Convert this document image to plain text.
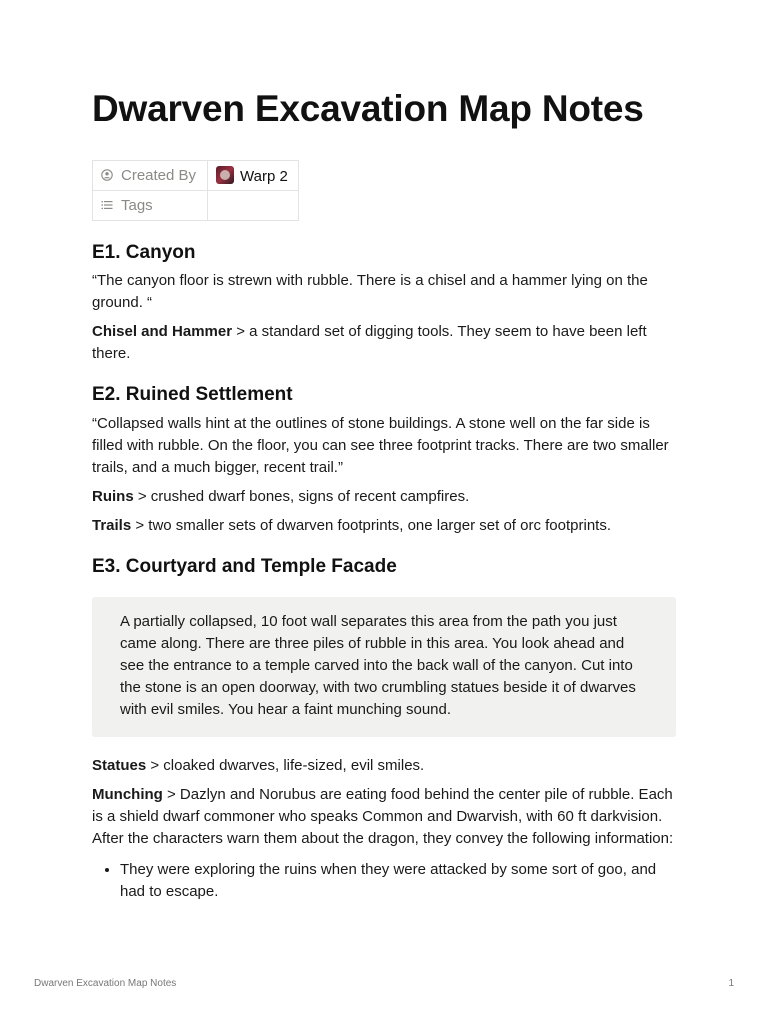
Dwarven Excavation Map Notes
Created By	Warp 2
Tags	
E1. Canyon

“The canyon floor is strewn with rubble. There is a chisel and a hammer lying on the ground. “

Chisel and Hammer > a standard set of digging tools. They seem to have been left there.

E2. Ruined Settlement

“Collapsed walls hint at the outlines of stone buildings. A stone well on the far side is filled with rubble. On the floor, you can see three footprint tracks. There are two smaller trails, and a much bigger, recent trail.”

Ruins > crushed dwarf bones, signs of recent campfires.

Trails > two smaller sets of dwarven footprints, one larger set of orc footprints.

E3. Courtyard and Temple Facade

A partially collapsed, 10 foot wall separates this area from the path you just came along. There are three piles of rubble in this area. You look ahead and see the entrance to a temple carved into the back wall of the canyon. Cut into the stone is an open doorway, with two crumbling statues beside it of dwarves with evil smiles. You hear a faint munching sound.

Statues > cloaked dwarves, life-sized, evil smiles.

Munching > Dazlyn and Norubus are eating food behind the center pile of rubble. Each is a shield dwarf commoner who speaks Common and Dwarvish, with 60 ft darkvision. After the characters warn them about the dragon, they convey the following information:

• They were exploring the ruins when they were attacked by some sort of goo, and had to escape.
Dwarven Excavation Map Notes	1
